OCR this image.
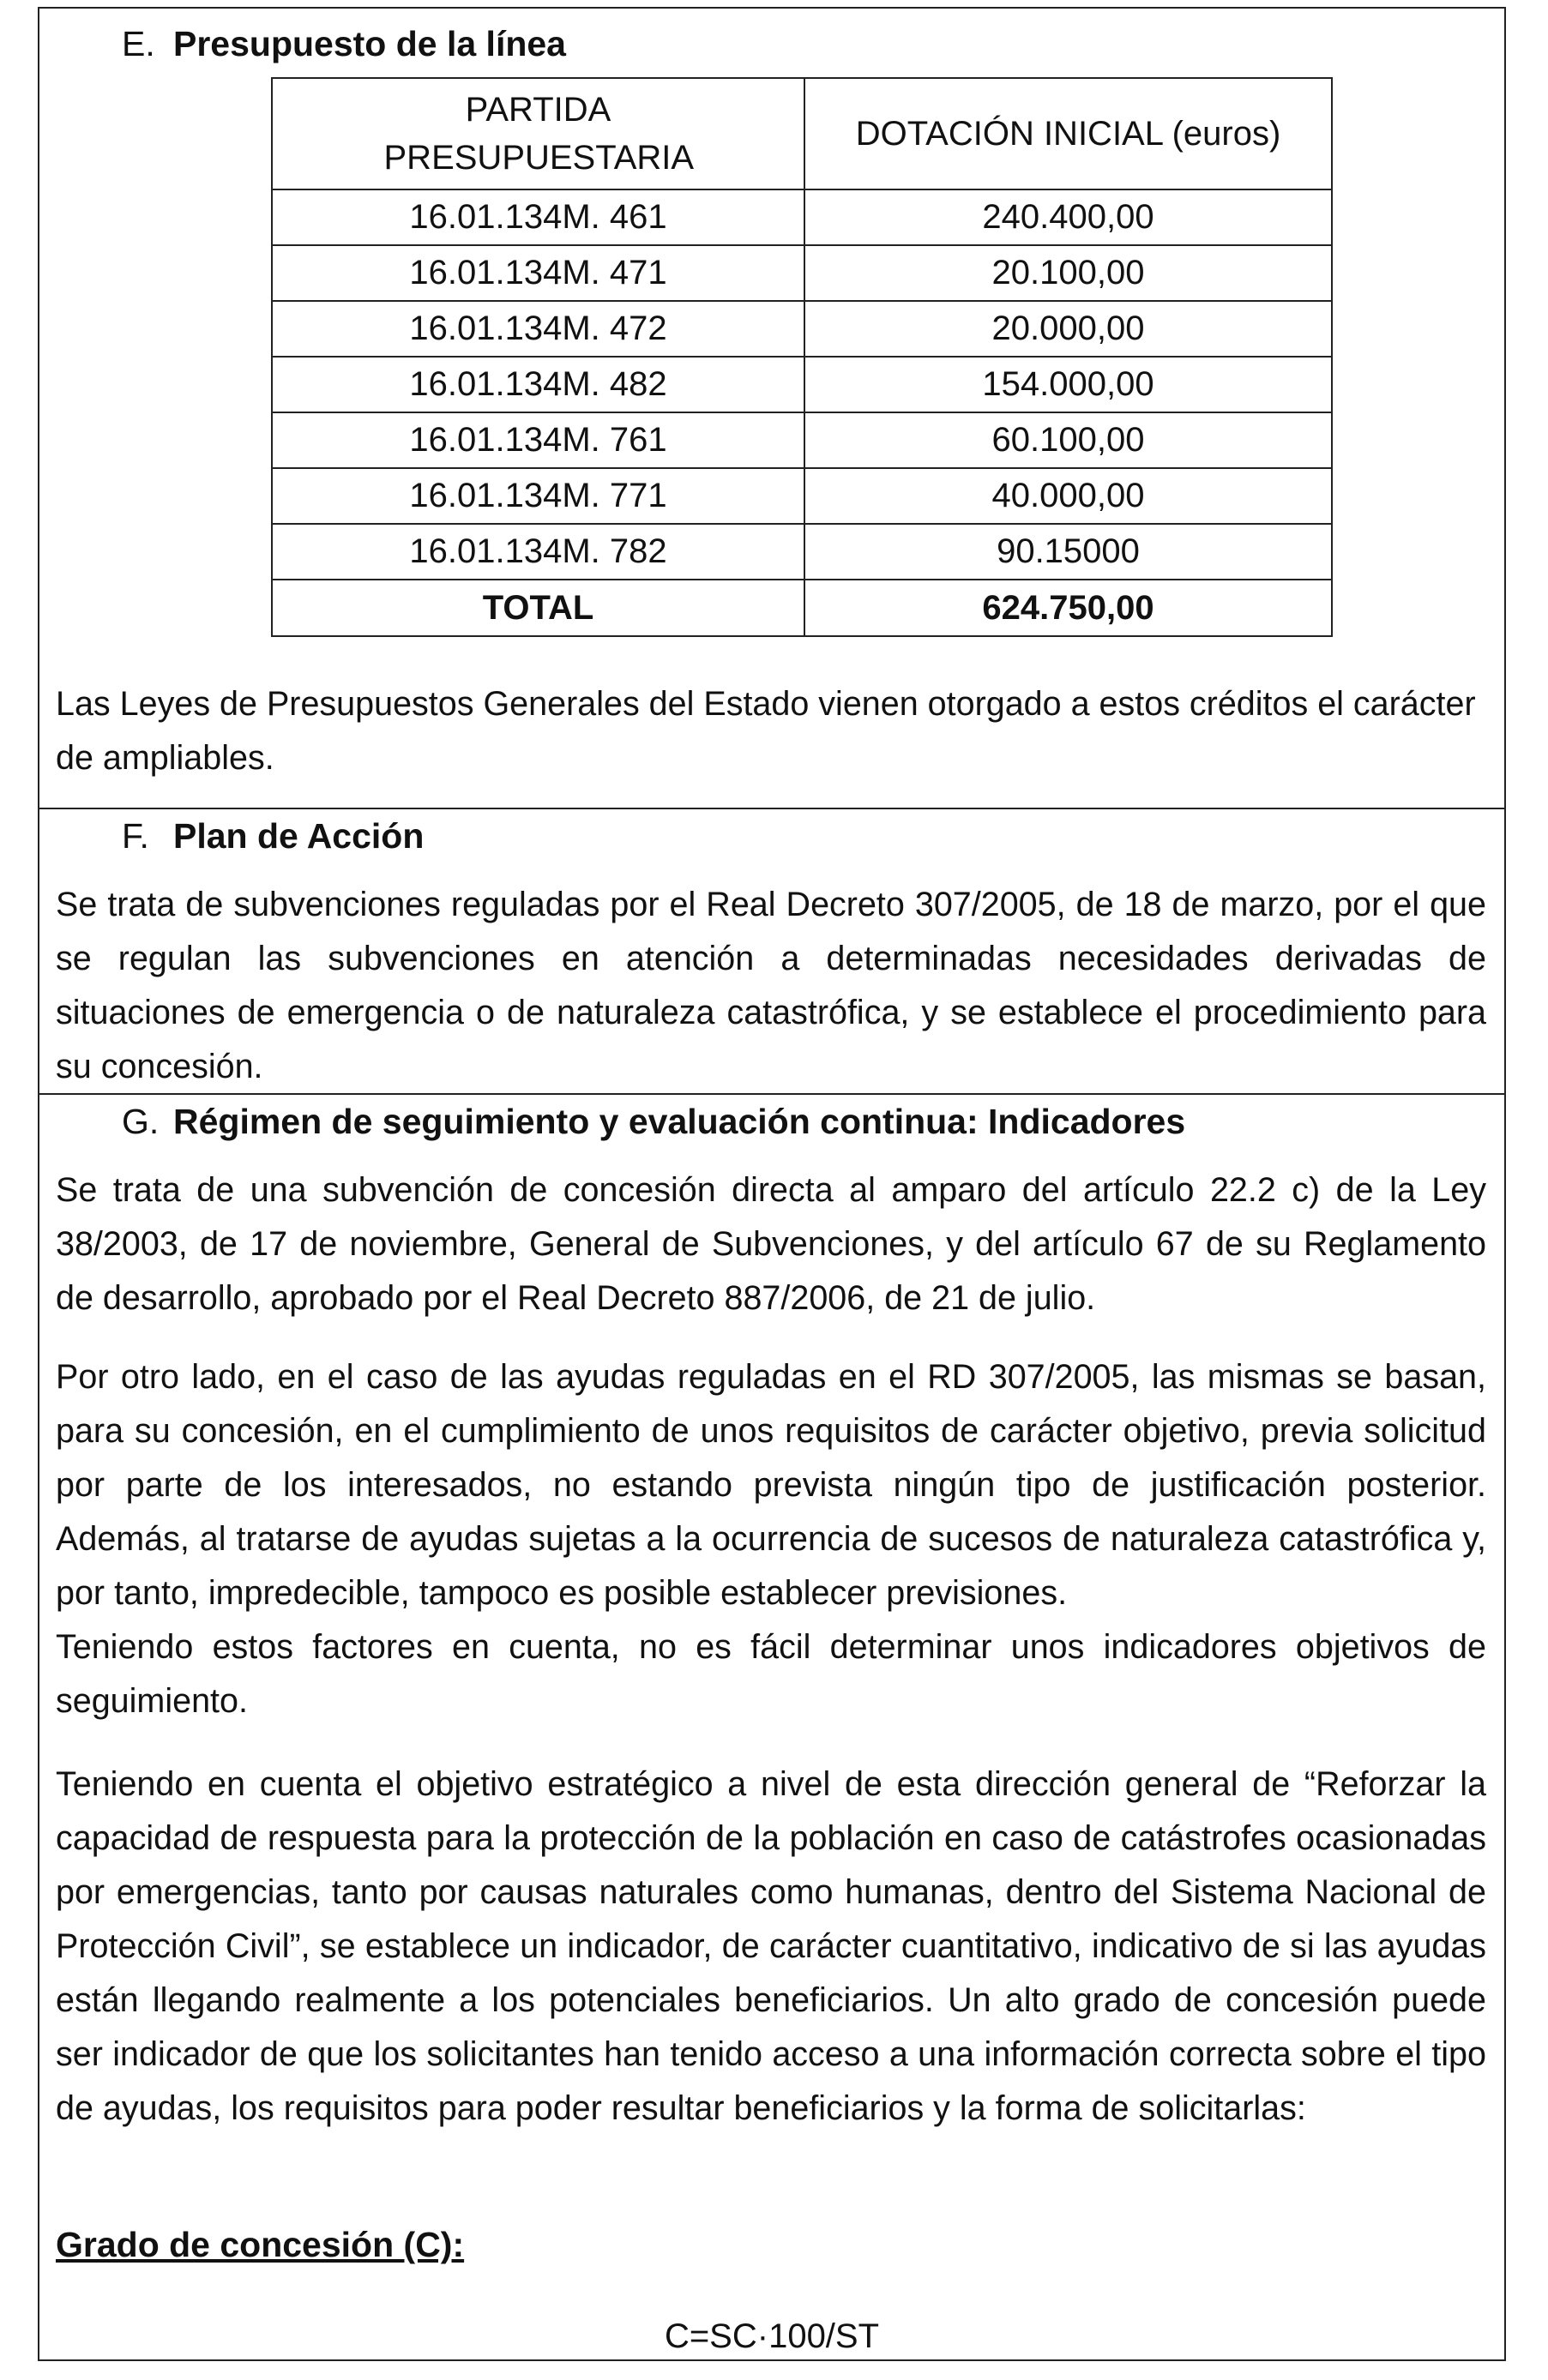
E. Presupuesto de la línea
PARTIDA PRESUPUESTARIA	DOTACIÓN INICIAL (euros)
16.01.134M. 461	240.400,00
16.01.134M. 471	20.100,00
16.01.134M. 472	20.000,00
16.01.134M. 482	154.000,00
16.01.134M. 761	60.100,00
16.01.134M. 771	40.000,00
16.01.134M. 782	90.15000
TOTAL	624.750,00

Las Leyes de Presupuestos Generales del Estado vienen otorgado a estos créditos el carácter de ampliables.

F. Plan de Acción

Se trata de subvenciones reguladas por el Real Decreto 307/2005, de 18 de marzo, por el que se regulan las subvenciones en atención a determinadas necesidades derivadas de situaciones de emergencia o de naturaleza catastrófica, y se establece el procedimiento para su concesión.

G. Régimen de seguimiento y evaluación continua: Indicadores

Se trata de una subvención de concesión directa al amparo del artículo 22.2 c) de la Ley 38/2003, de 17 de noviembre, General de Subvenciones, y del artículo 67 de su Reglamento de desarrollo, aprobado por el Real Decreto 887/2006, de 21 de julio.

Por otro lado, en el caso de las ayudas reguladas en el RD 307/2005, las mismas se basan, para su concesión, en el cumplimiento de unos requisitos de carácter objetivo, previa solicitud por parte de los interesados, no estando prevista ningún tipo de justificación posterior. Además, al tratarse de ayudas sujetas a la ocurrencia de sucesos de naturaleza catastrófica y, por tanto, impredecible, tampoco es posible establecer previsiones.

Teniendo estos factores en cuenta, no es fácil determinar unos indicadores objetivos de seguimiento.

Teniendo en cuenta el objetivo estratégico a nivel de esta dirección general de “Reforzar la capacidad de respuesta para la protección de la población en caso de catástrofes ocasionadas por emergencias, tanto por causas naturales como humanas, dentro del Sistema Nacional de Protección Civil”, se establece un indicador, de carácter cuantitativo, indicativo de si las ayudas están llegando realmente a los potenciales beneficiarios. Un alto grado de concesión puede ser indicador de que los solicitantes han tenido acceso a una información correcta sobre el tipo de ayudas, los requisitos para poder resultar beneficiarios y la forma de solicitarlas:

Grado de concesión (C):
C=SC·100/ST
